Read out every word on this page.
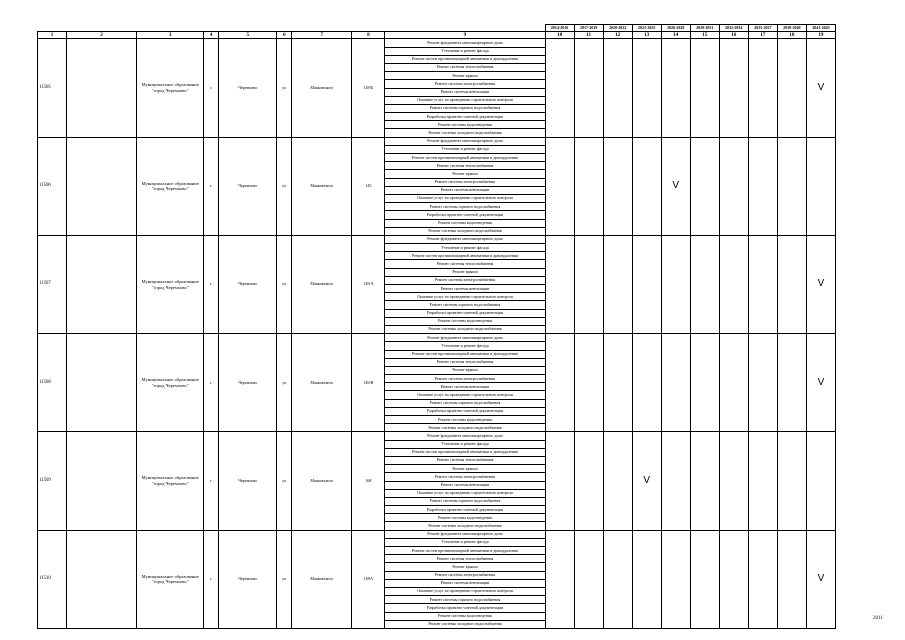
									2014-2016	2017-2019	2020-2022	2023-2025	2026-2028	2029-2031	2032-2034	2035-2037	2038-2040	2041-2043
1	2	3	4	5	6	7	8	9	10	11	12	13	14	15	16	17	18	19
11505		Муниципальное образование "город Черемхово"	г.	Черемхово	ул	Маяковского	149/Б	Ремонт фундамента многоквартирного дома										V
								Утепление и ремонт фасада										
								Ремонт систем противопожарной автоматики и дымоудаления										
								Ремонт системы теплоснабжения										
								Ремонт крыши										
								Ремонт системы электроснабжения										
								Ремонт системы вентиляции										
								Оказание услуг по проведению строительного контроля										
								Ремонт системы горячего водоснабжения										
								Разработка проектно-сметной документации										
								Ремонт системы водоотведения										
								Ремонт системы холодного водоснабжения										
11506		Муниципальное образование "город Черемхово"	г.	Черемхово	ул	Маяковского	145	Ремонт фундамента многоквартирного дома					V					
								Утепление и ремонт фасада										
								Ремонт систем противопожарной автоматики и дымоудаления										
								Ремонт системы теплоснабжения										
								Ремонт крыши										
								Ремонт системы электроснабжения										
								Ремонт системы вентиляции										
								Оказание услуг по проведению строительного контроля										
								Ремонт системы горячего водоснабжения										
								Разработка проектно-сметной документации										
								Ремонт системы водоотведения										
								Ремонт системы холодного водоснабжения										
11507		Муниципальное образование "город Черемхово"	г.	Черемхово	ул	Маяковского	149/А	Ремонт фундамента многоквартирного дома										V
								Утепление и ремонт фасада										
								Ремонт систем противопожарной автоматики и дымоудаления										
								Ремонт системы теплоснабжения										
								Ремонт крыши										
								Ремонт системы электроснабжения										
								Ремонт системы вентиляции										
								Оказание услуг по проведению строительного контроля										
								Ремонт системы горячего водоснабжения										
								Разработка проектно-сметной документации										
								Ремонт системы водоотведения										
								Ремонт системы холодного водоснабжения										
11508		Муниципальное образование "город Черемхово"	г.	Черемхово	ул	Маяковского	149/В	Ремонт фундамента многоквартирного дома										V
								Утепление и ремонт фасада										
								Ремонт систем противопожарной автоматики и дымоудаления										
								Ремонт системы теплоснабжения										
								Ремонт крыши										
								Ремонт системы электроснабжения										
								Ремонт системы вентиляции										
								Оказание услуг по проведению строительного контроля										
								Ремонт системы горячего водоснабжения										
								Разработка проектно-сметной документации										
								Ремонт системы водоотведения										
								Ремонт системы холодного водоснабжения										
11509		Муниципальное образование "город Черемхово"	г.	Черемхово	ул	Маяковского	168	Ремонт фундамента многоквартирного дома				V						
								Утепление и ремонт фасада										
								Ремонт систем противопожарной автоматики и дымоудаления										
								Ремонт системы теплоснабжения										
								Ремонт крыши										
								Ремонт системы электроснабжения										
								Ремонт системы вентиляции										
								Оказание услуг по проведению строительного контроля										
								Ремонт системы горячего водоснабжения										
								Разработка проектно-сметной документации										
								Ремонт системы водоотведения										
								Ремонт системы холодного водоснабжения										
11510		Муниципальное образование "город Черемхово"	г.	Черемхово	ул	Маяковского	169А	Ремонт фундамента многоквартирного дома										V
								Утепление и ремонт фасада										
								Ремонт систем противопожарной автоматики и дымоудаления										
								Ремонт системы теплоснабжения										
								Ремонт крыши										
								Ремонт системы электроснабжения										
								Ремонт системы вентиляции										
								Оказание услуг по проведению строительного контроля										
								Ремонт системы горячего водоснабжения										
								Разработка проектно-сметной документации										
								Ремонт системы водоотведения										
								Ремонт системы холодного водоснабжения										
2011
